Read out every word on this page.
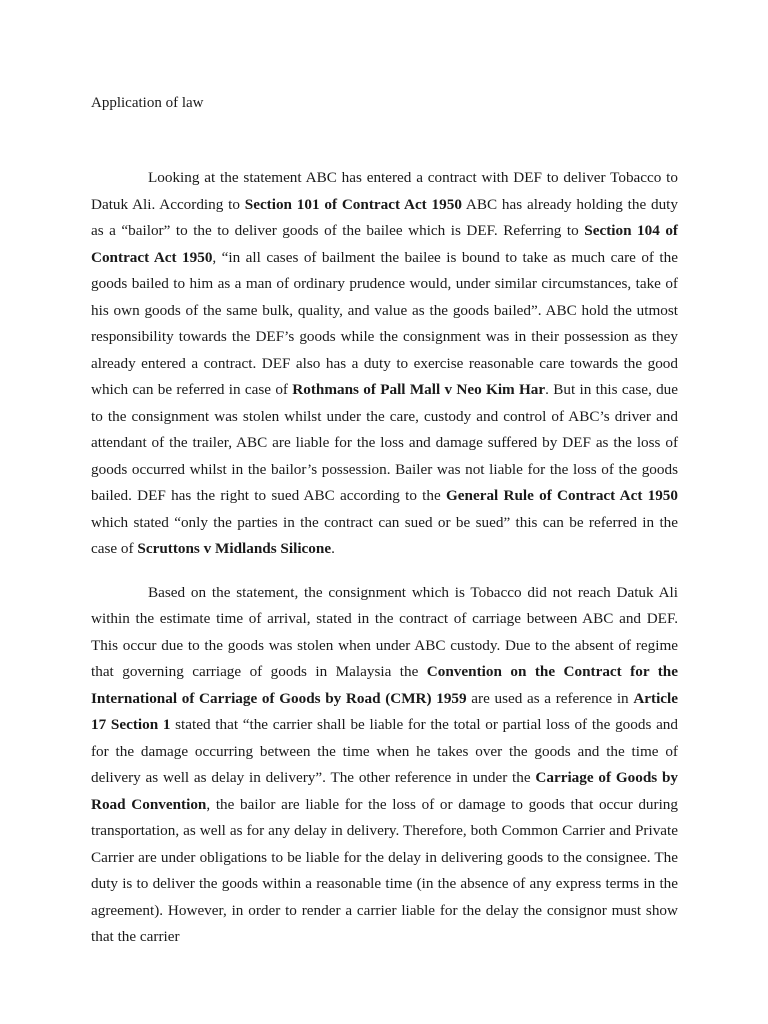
Application of law

Looking at the statement ABC has entered a contract with DEF to deliver Tobacco to Datuk Ali. According to Section 101 of Contract Act 1950 ABC has already holding the duty as a “bailor” to the to deliver goods of the bailee which is DEF. Referring to Section 104 of Contract Act 1950, “in all cases of bailment the bailee is bound to take as much care of the goods bailed to him as a man of ordinary prudence would, under similar circumstances, take of his own goods of the same bulk, quality, and value as the goods bailed”. ABC hold the utmost responsibility towards the DEF’s goods while the consignment was in their possession as they already entered a contract. DEF also has a duty to exercise reasonable care towards the good which can be referred in case of Rothmans of Pall Mall v Neo Kim Har. But in this case, due to the consignment was stolen whilst under the care, custody and control of ABC’s driver and attendant of the trailer, ABC are liable for the loss and damage suffered by DEF as the loss of goods occurred whilst in the bailor’s possession. Bailer was not liable for the loss of the goods bailed. DEF has the right to sued ABC according to the General Rule of Contract Act 1950 which stated “only the parties in the contract can sued or be sued” this can be referred in the case of Scruttons v Midlands Silicone.

Based on the statement, the consignment which is Tobacco did not reach Datuk Ali within the estimate time of arrival, stated in the contract of carriage between ABC and DEF. This occur due to the goods was stolen when under ABC custody. Due to the absent of regime that governing carriage of goods in Malaysia the Convention on the Contract for the International of Carriage of Goods by Road (CMR) 1959 are used as a reference in Article 17 Section 1 stated that “the carrier shall be liable for the total or partial loss of the goods and for the damage occurring between the time when he takes over the goods and the time of delivery as well as delay in delivery”. The other reference in under the Carriage of Goods by Road Convention, the bailor are liable for the loss of or damage to goods that occur during transportation, as well as for any delay in delivery. Therefore, both Common Carrier and Private Carrier are under obligations to be liable for the delay in delivering goods to the consignee. The duty is to deliver the goods within a reasonable time (in the absence of any express terms in the agreement). However, in order to render a carrier liable for the delay the consignor must show that the carrier
